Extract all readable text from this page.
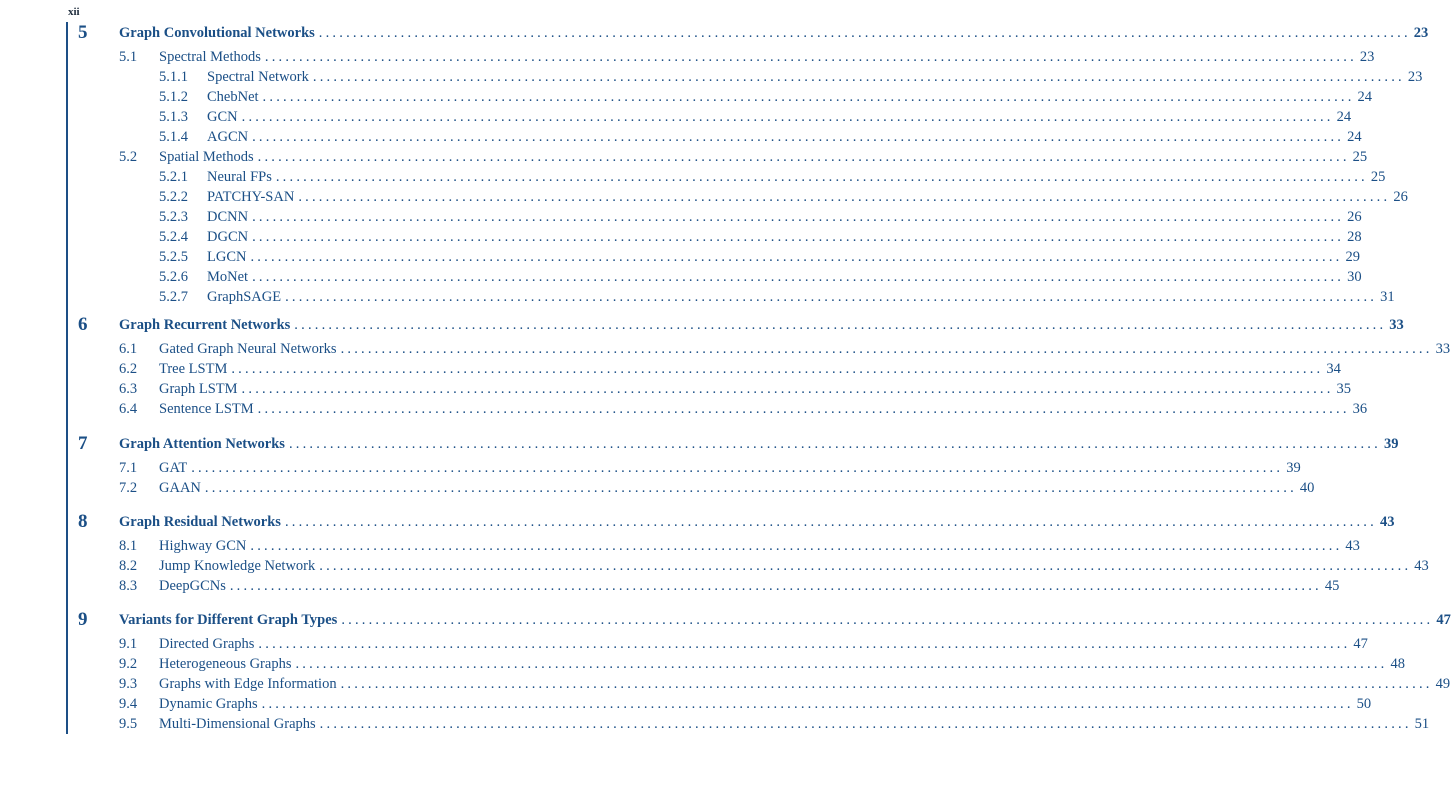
xii
5 Graph Convolutional Networks ................................................................................................................................................................ 23
5.1 Spectral Methods ................................................................................................................................................................ 23
5.1.1 Spectral Network ................................................................................................................................................................ 23
5.1.2 ChebNet ................................................................................................................................................................ 24
5.1.3 GCN ................................................................................................................................................................ 24
5.1.4 AGCN ................................................................................................................................................................ 24
5.2 Spatial Methods ................................................................................................................................................................ 25
5.2.1 Neural FPs ................................................................................................................................................................ 25
5.2.2 PATCHY-SAN ................................................................................................................................................................ 26
5.2.3 DCNN ................................................................................................................................................................ 26
5.2.4 DGCN ................................................................................................................................................................ 28
5.2.5 LGCN ................................................................................................................................................................ 29
5.2.6 MoNet ................................................................................................................................................................ 30
5.2.7 GraphSAGE ................................................................................................................................................................ 31
6 Graph Recurrent Networks ................................................................................................................................................................ 33
6.1 Gated Graph Neural Networks ................................................................................................................................................................ 33
6.2 Tree LSTM ................................................................................................................................................................ 34
6.3 Graph LSTM ................................................................................................................................................................ 35
6.4 Sentence LSTM ................................................................................................................................................................ 36
7 Graph Attention Networks ................................................................................................................................................................ 39
7.1 GAT ................................................................................................................................................................ 39
7.2 GAAN ................................................................................................................................................................ 40
8 Graph Residual Networks ................................................................................................................................................................ 43
8.1 Highway GCN ................................................................................................................................................................ 43
8.2 Jump Knowledge Network ................................................................................................................................................................ 43
8.3 DeepGCNs ................................................................................................................................................................ 45
9 Variants for Different Graph Types ................................................................................................................................................................ 47
9.1 Directed Graphs ................................................................................................................................................................ 47
9.2 Heterogeneous Graphs ................................................................................................................................................................ 48
9.3 Graphs with Edge Information ................................................................................................................................................................ 49
9.4 Dynamic Graphs ................................................................................................................................................................ 50
9.5 Multi-Dimensional Graphs ................................................................................................................................................................ 51
